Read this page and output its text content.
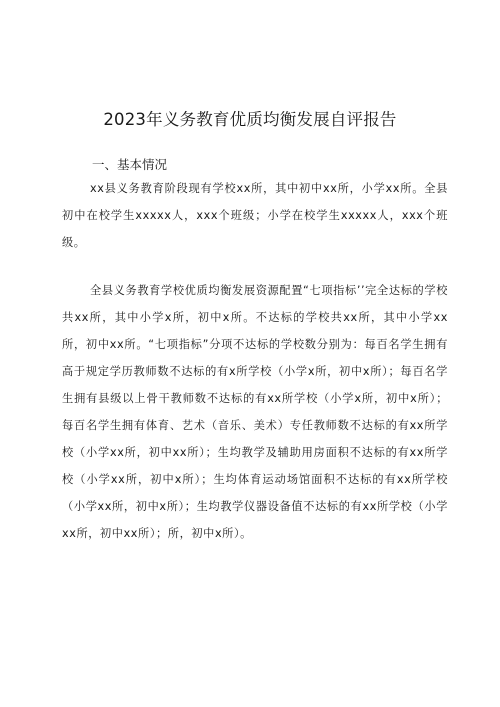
2023年义务教育优质均衡发展自评报告
一、基本情况

xx县义务教育阶段现有学校xx所，其中初中xx所，小学xx所。全县初中在校学生xxxxx人，xxx个班级；小学在校学生xxxxx人，xxx个班级。

全县义务教育学校优质均衡发展资源配置“七项指标’’完全达标的学校共xx所，其中小学x所，初中x所。不达标的学校共xx所，其中小学xx所，初中xx所。“七项指标”分项不达标的学校数分别为：每百名学生拥有高于规定学历教师数不达标的有x所学校（小学x所，初中x所）；每百名学生拥有县级以上骨干教师数不达标的有xx所学校（小学x所，初中x所）；每百名学生拥有体育、艺术（音乐、美术）专任教师数不达标的有xx所学校（小学xx所，初中xx所）；生均教学及辅助用房面积不达标的有xx所学校（小学xx所，初中x所）；生均体育运动场馆面积不达标的有xx所学校（小学xx所，初中x所）；生均教学仪器设备值不达标的有xx所学校（小学xx所，初中xx所）；所，初中x所）。
